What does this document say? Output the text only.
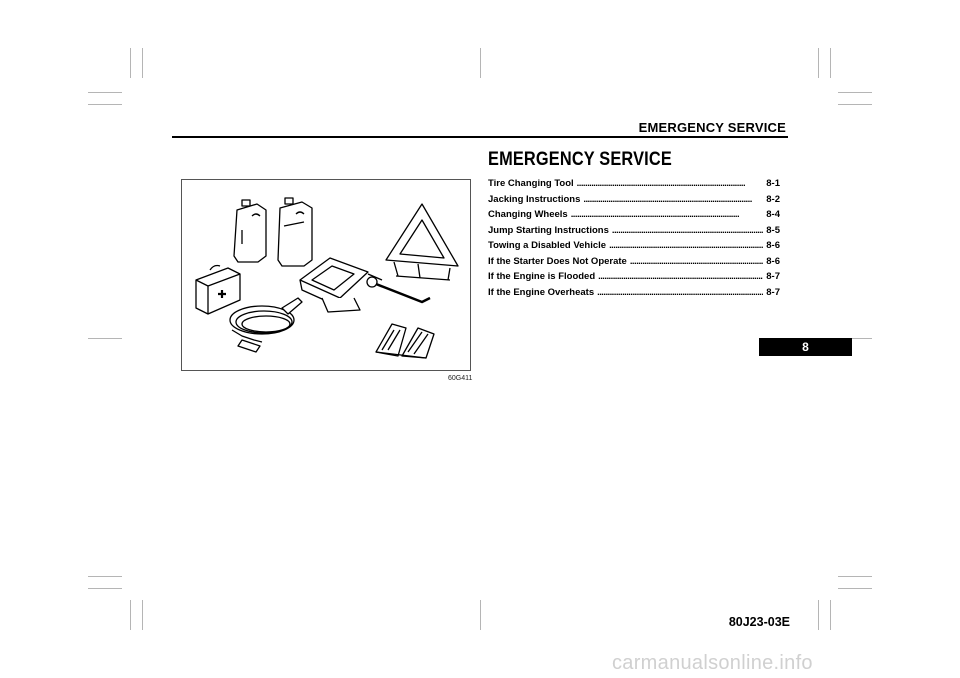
EMERGENCY SERVICE
60G411
EMERGENCY SERVICE
Tire Changing Tool . . .	8-1
Jacking Instructions . . .	8-2
Changing Wheels . . .	8-4
Jump Starting Instructions . . .	8-5
Towing a Disabled Vehicle . . .	8-6
If the Starter Does Not Operate . . .	8-6
If the Engine is Flooded . . .	8-7
If the Engine Overheats . . .	8-7
8
80J23-03E
carmanualsonline.info
